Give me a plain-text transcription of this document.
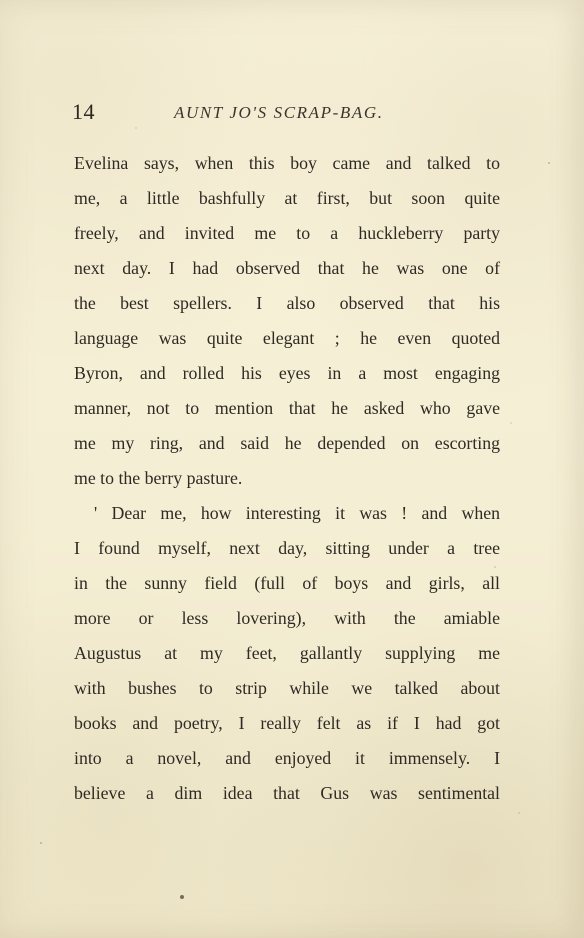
14	AUNT JO'S SCRAP-BAG.
Evelina says, when this boy came and talked to
me, a little bashfully at first, but soon quite
freely, and invited me to a huckleberry party
next day. I had observed that he was one of
the best spellers. I also observed that his
language was quite elegant ; he even quoted
Byron, and rolled his eyes in a most engaging
manner, not to mention that he asked who gave
me my ring, and said he depended on escorting
me to the berry pasture.
' Dear me, how interesting it was ! and when
I found myself, next day, sitting under a tree
in the sunny field (full of boys and girls, all
more or less lovering), with the amiable
Augustus at my feet, gallantly supplying me
with bushes to strip while we talked about
books and poetry, I really felt as if I had got
into a novel, and enjoyed it immensely. I
believe a dim idea that Gus was sentimental
